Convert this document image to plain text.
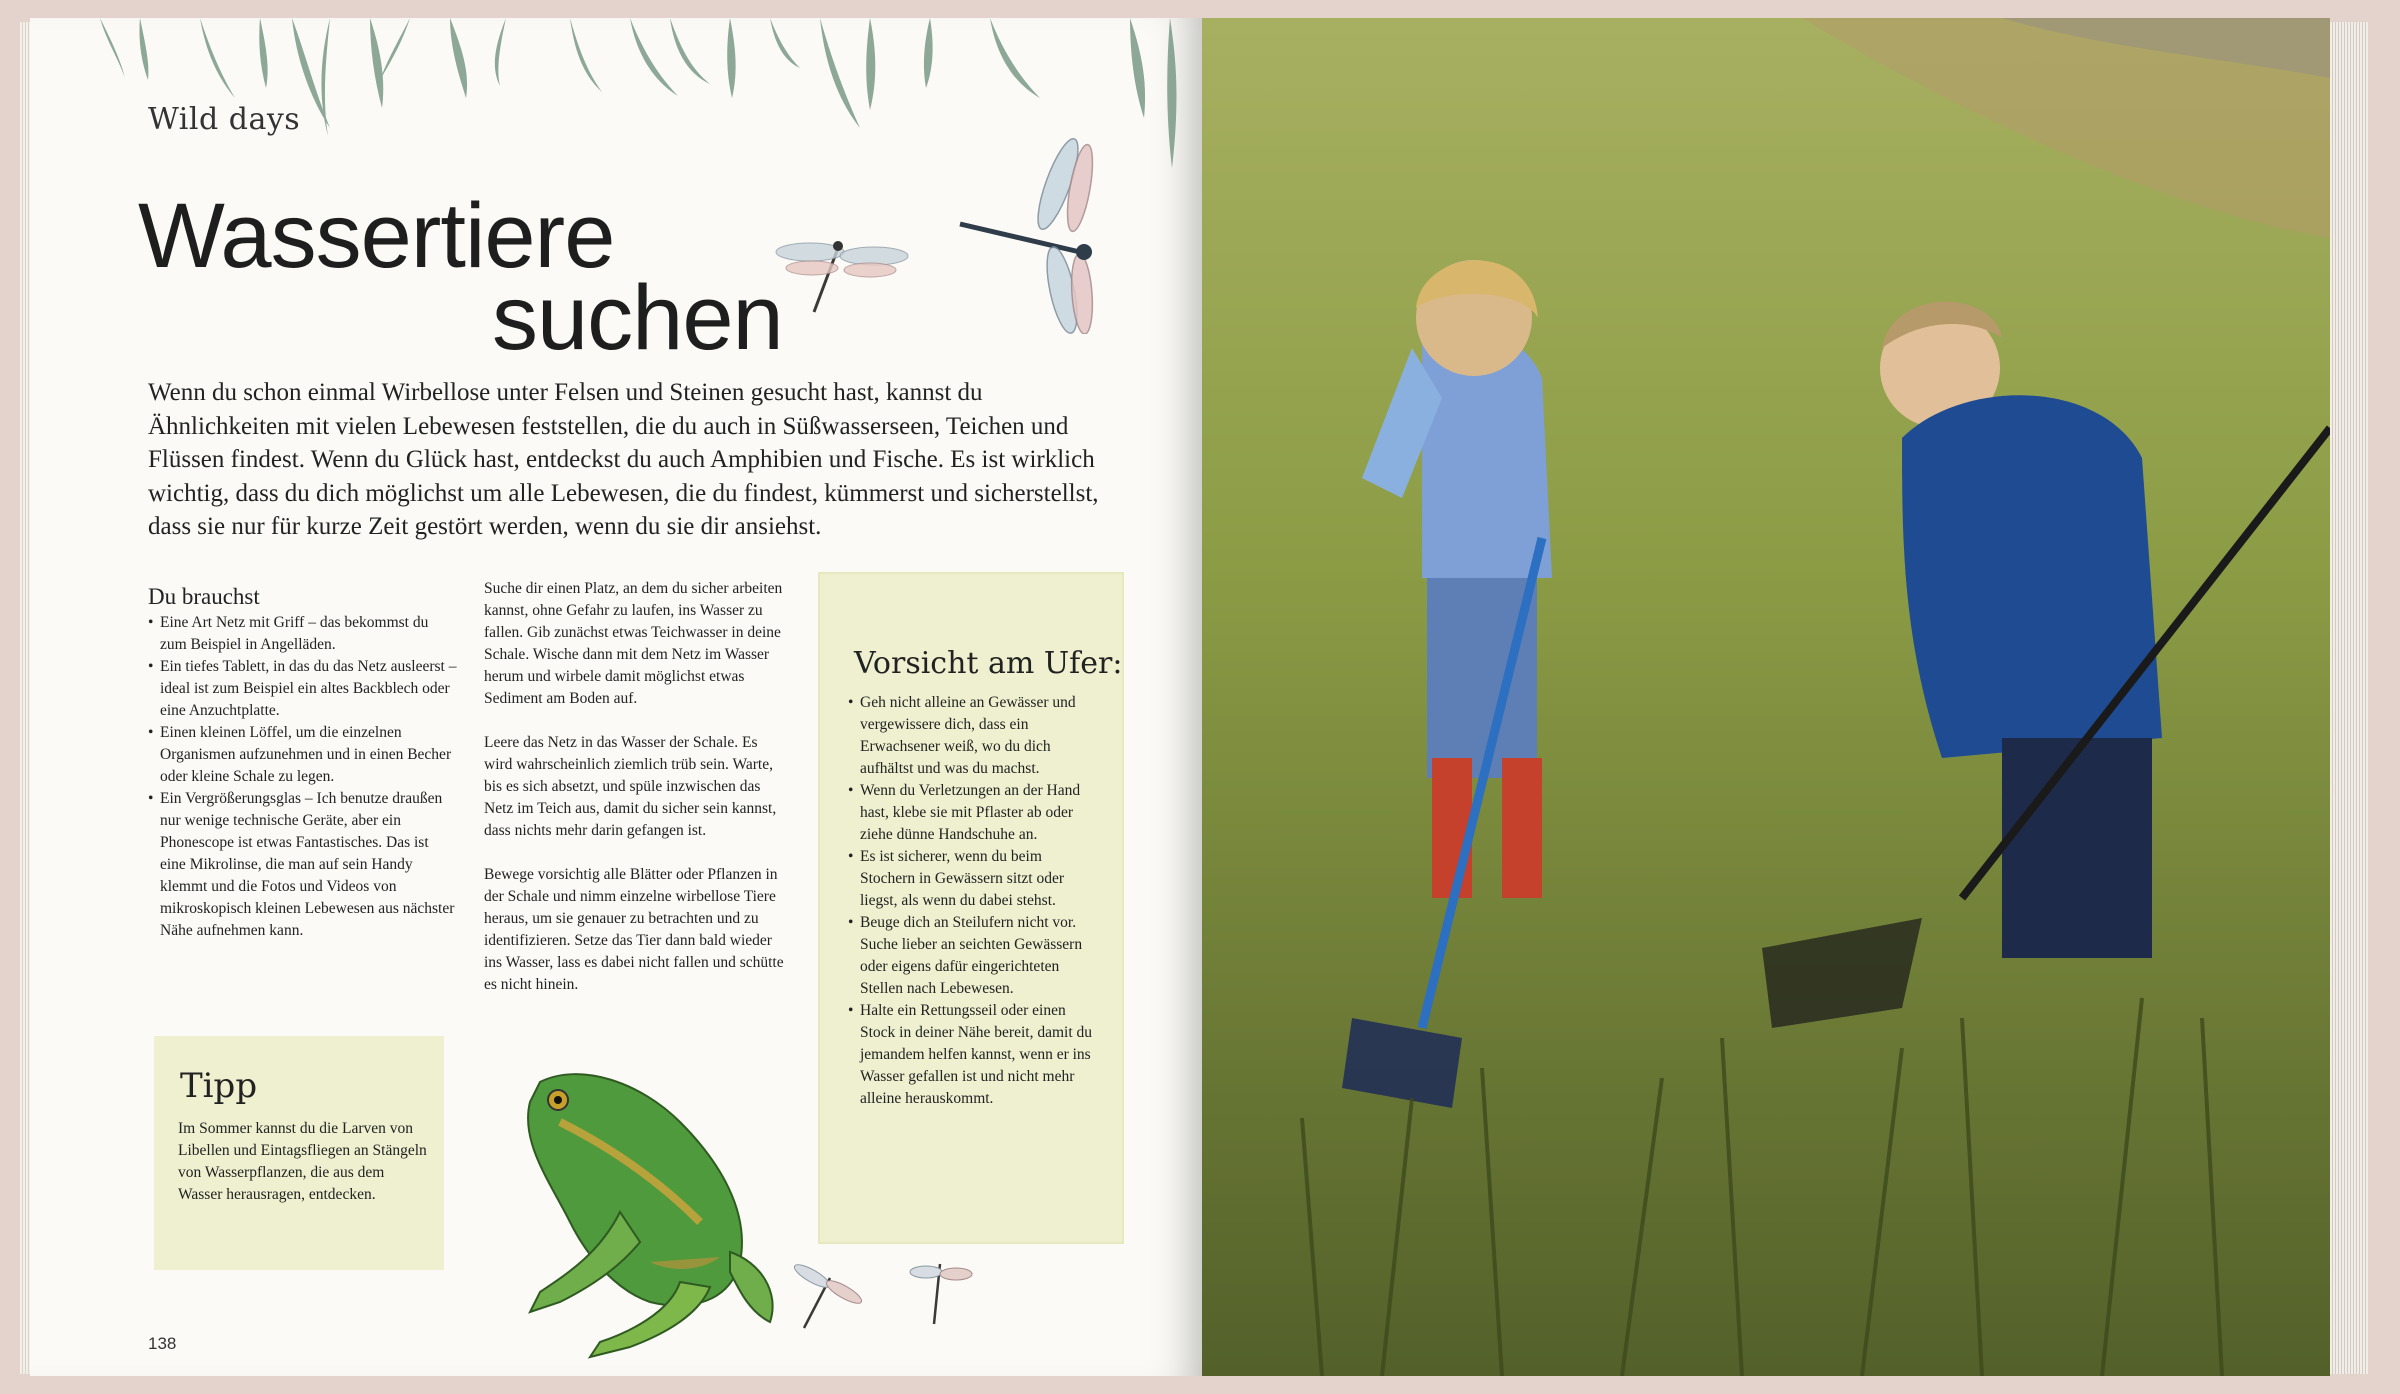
Wild days
Wassertiere
suchen
Wenn du schon einmal Wirbellose unter Felsen und Steinen gesucht hast, kannst du Ähnlichkeiten mit vielen Lebewesen feststellen, die du auch in Süßwasserseen, Teichen und Flüssen findest. Wenn du Glück hast, entdeckst du auch Amphibien und Fische. Es ist wirklich wichtig, dass du dich möglichst um alle Lebewesen, die du findest, kümmerst und sicherstellst, dass sie nur für kurze Zeit gestört werden, wenn du sie dir ansiehst.
Du brauchst
• Eine Art Netz mit Griff – das bekommst du zum Beispiel in Angelläden.
• Ein tiefes Tablett, in das du das Netz ausleerst – ideal ist zum Beispiel ein altes Backblech oder eine Anzuchtplatte.
• Einen kleinen Löffel, um die einzelnen Organismen aufzunehmen und in einen Becher oder kleine Schale zu legen.
• Ein Vergrößerungsglas – Ich benutze draußen nur wenige technische Geräte, aber ein Phonescope ist etwas Fantastisches. Das ist eine Mikrolinse, die man auf sein Handy klemmt und die Fotos und Videos von mikroskopisch kleinen Lebewesen aus nächster Nähe aufnehmen kann.

Suche dir einen Platz, an dem du sicher arbeiten kannst, ohne Gefahr zu laufen, ins Wasser zu fallen. Gib zunächst etwas Teichwasser in deine Schale. Wische dann mit dem Netz im Wasser herum und wirbele damit möglichst etwas Sediment am Boden auf.

Leere das Netz in das Wasser der Schale. Es wird wahrscheinlich ziemlich trüb sein. Warte, bis es sich absetzt, und spüle inzwischen das Netz im Teich aus, damit du sicher sein kannst, dass nichts mehr darin gefangen ist.

Bewege vorsichtig alle Blätter oder Pflanzen in der Schale und nimm einzelne wirbellose Tiere heraus, um sie genauer zu betrachten und zu identifizieren. Setze das Tier dann bald wieder ins Wasser, lass es dabei nicht fallen und schütte es nicht hinein.

Vorsicht am Ufer:
• Geh nicht alleine an Gewässer und vergewissere dich, dass ein Erwachsener weiß, wo du dich aufhältst und was du machst.
• Wenn du Verletzungen an der Hand hast, klebe sie mit Pflaster ab oder ziehe dünne Handschuhe an.
• Es ist sicherer, wenn du beim Stochern in Gewässern sitzt oder liegst, als wenn du dabei stehst.
• Beuge dich an Steilufern nicht vor. Suche lieber an seichten Gewässern oder eigens dafür eingerichteten Stellen nach Lebewesen.
• Halte ein Rettungsseil oder einen Stock in deiner Nähe bereit, damit du jemandem helfen kannst, wenn er ins Wasser gefallen ist und nicht mehr alleine herauskommt.
Tipp
Im Sommer kannst du die Larven von Libellen und Eintagsfliegen an Stängeln von Wasserpflanzen, die aus dem Wasser herausragen, entdecken.
138
